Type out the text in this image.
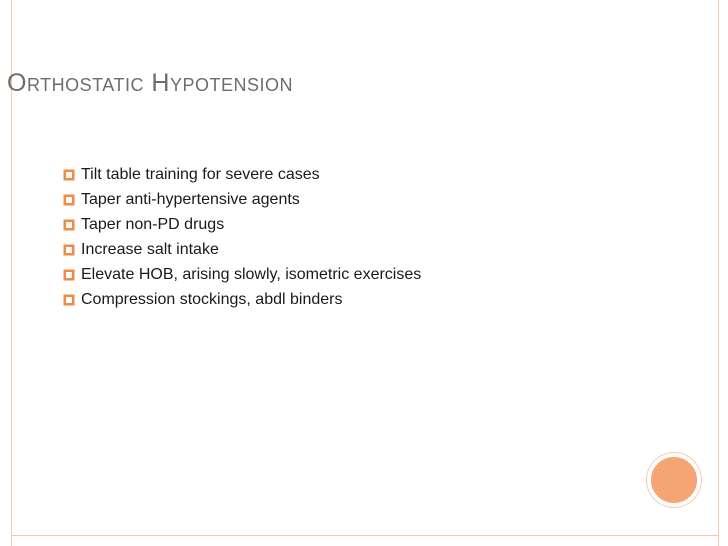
Orthostatic Hypotension
Tilt table training for severe cases
Taper anti-hypertensive agents
Taper non-PD drugs
Increase salt intake
Elevate HOB, arising slowly, isometric exercises
Compression stockings, abdl binders
